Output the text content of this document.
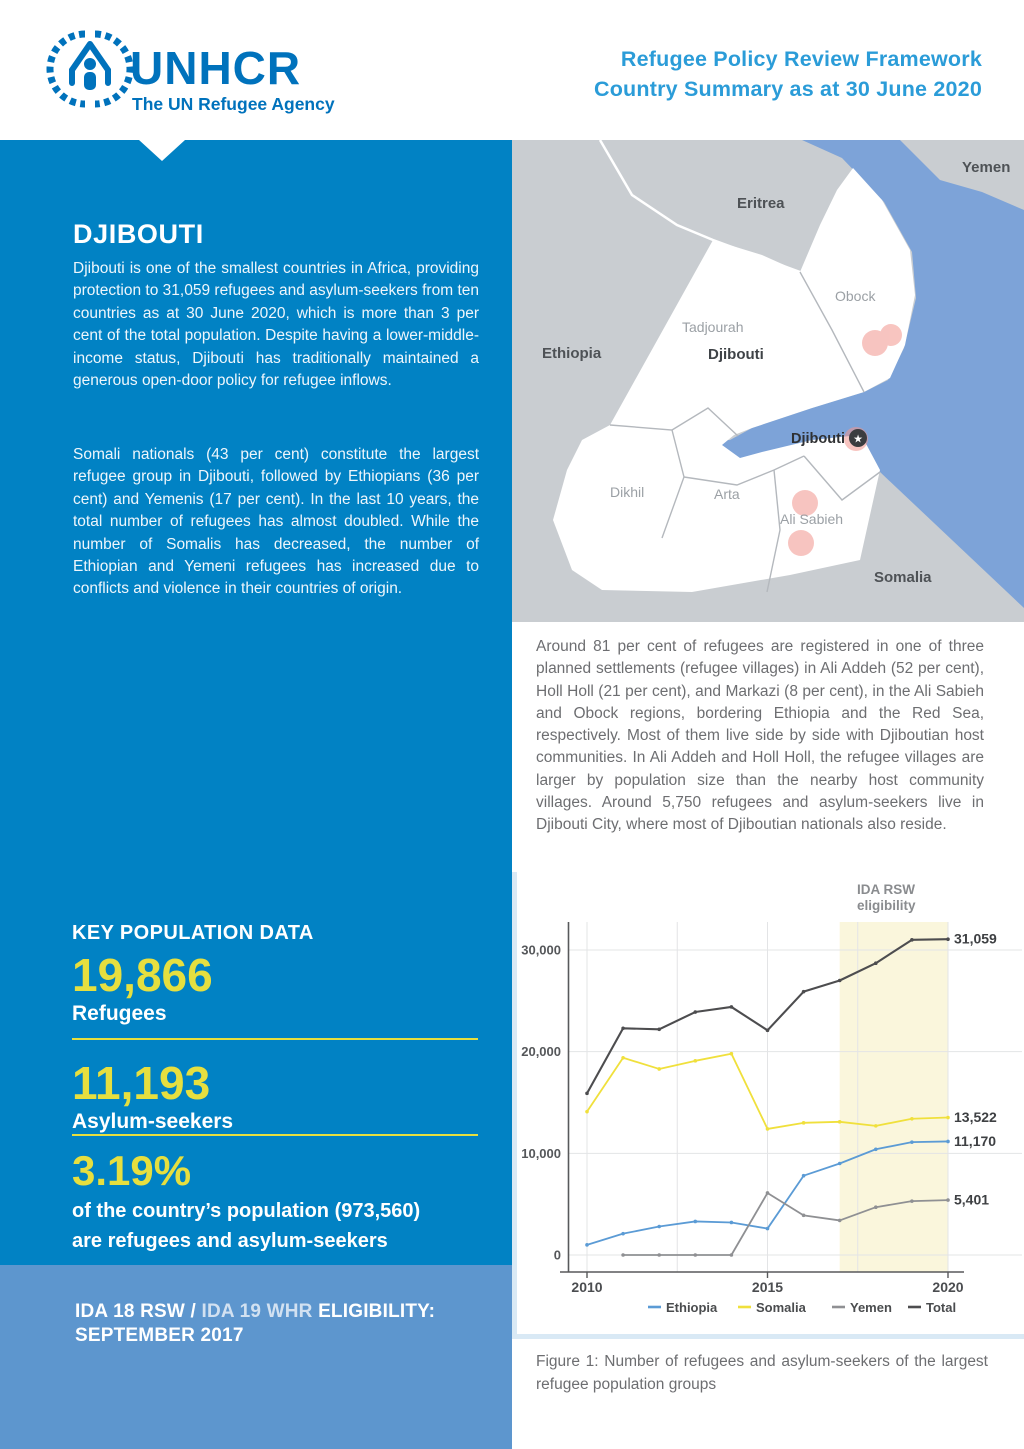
UNHCR
The UN Refugee Agency
Refugee Policy Review Framework
Country Summary as at 30 June 2020
DJIBOUTI
Djibouti is one of the smallest countries in Africa, providing protection to 31,059 refugees and asylum-seekers from ten countries as at 30 June 2020, which is more than 3 per cent of the total population. Despite having a lower-middle-income status, Djibouti has traditionally maintained a generous open-door policy for refugee inflows.
Somali nationals (43 per cent) constitute the largest refugee group in Djibouti, followed by Ethiopians (36 per cent) and Yemenis (17 per cent). In the last 10 years, the total number of refugees has almost doubled. While the number of Somalis has decreased, the number of Ethiopian and Yemeni refugees has increased due to conflicts and violence in their countries of origin.
KEY POPULATION DATA
19,866
Refugees
11,193
Asylum-seekers
3.19%
of the country’s population (973,560)
are refugees and asylum-seekers
IDA 18 RSW / IDA 19 WHR ELIGIBILITY:
SEPTEMBER 2017
★
Eritrea
Yemen
Ethiopia
Somalia
Obock
Tadjourah
Djibouti
Dikhil	Arta
Ali Sabieh
Djibouti
Around 81 per cent of refugees are registered in one of three planned settlements (refugee villages) in Ali Addeh (52 per cent), Holl Holl (21 per cent), and Markazi (8 per cent), in the Ali Sabieh and Obock regions, bordering Ethiopia and the Red Sea, respectively. Most of them live side by side with Djiboutian host communities. In Ali Addeh and Holl Holl, the refugee villages are larger by population size than the nearby host community villages. Around 5,750 refugees and asylum-seekers live in Djibouti City, where most of Djiboutian nationals also reside.
IDA RSW
eligibility
0
10,000
20,000
30,000
2010	2015	2020
11,170
13,522
5,401
31,059
Ethiopia	Somalia	Yemen	Total
Figure 1: Number of refugees and asylum-seekers of the largest refugee population groups
